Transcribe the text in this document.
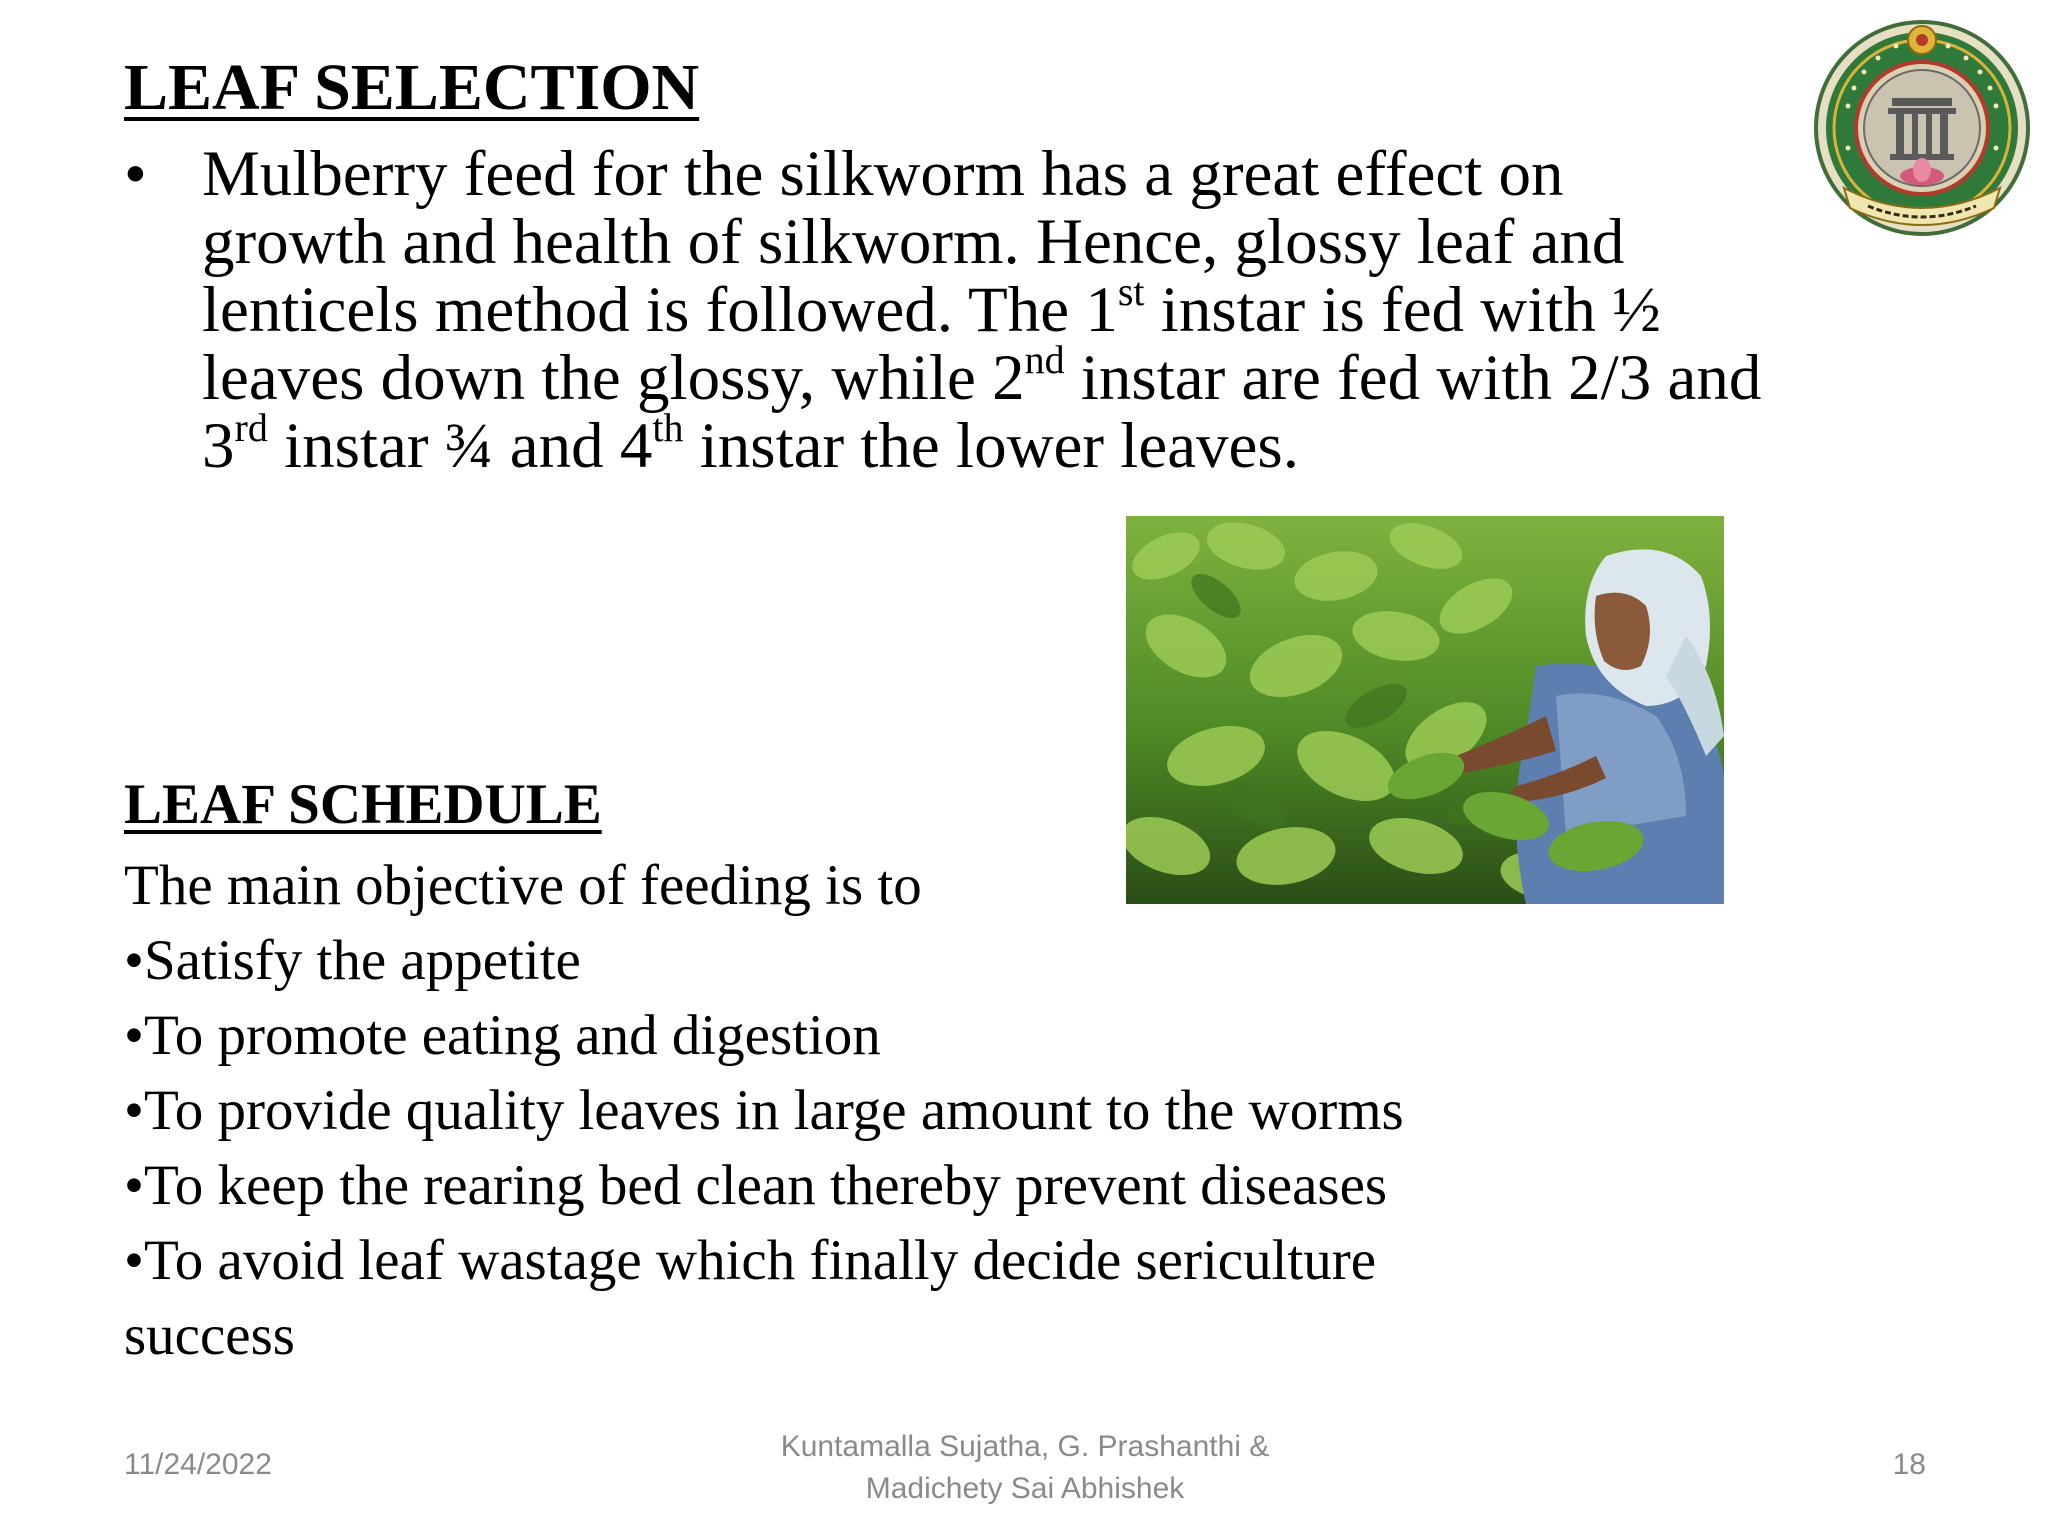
LEAF SELECTION
• Mulberry feed for the silkworm has a great effect on
growth and health of silkworm. Hence, glossy leaf and
lenticels method is followed. The 1st instar is fed with ½
leaves down the glossy, while 2nd instar are fed with 2/3 and
3rd instar ¾ and 4th instar the lower leaves.
LEAF SCHEDULE
The main objective of feeding is to
•Satisfy the appetite
•To promote eating and digestion
•To provide quality leaves in large amount to the worms
•To keep the rearing bed clean thereby prevent diseases
•To avoid leaf wastage which finally decide sericulture
success
11/24/2022
Kuntamalla Sujatha, G. Prashanthi &
Madichety Sai Abhishek
18
